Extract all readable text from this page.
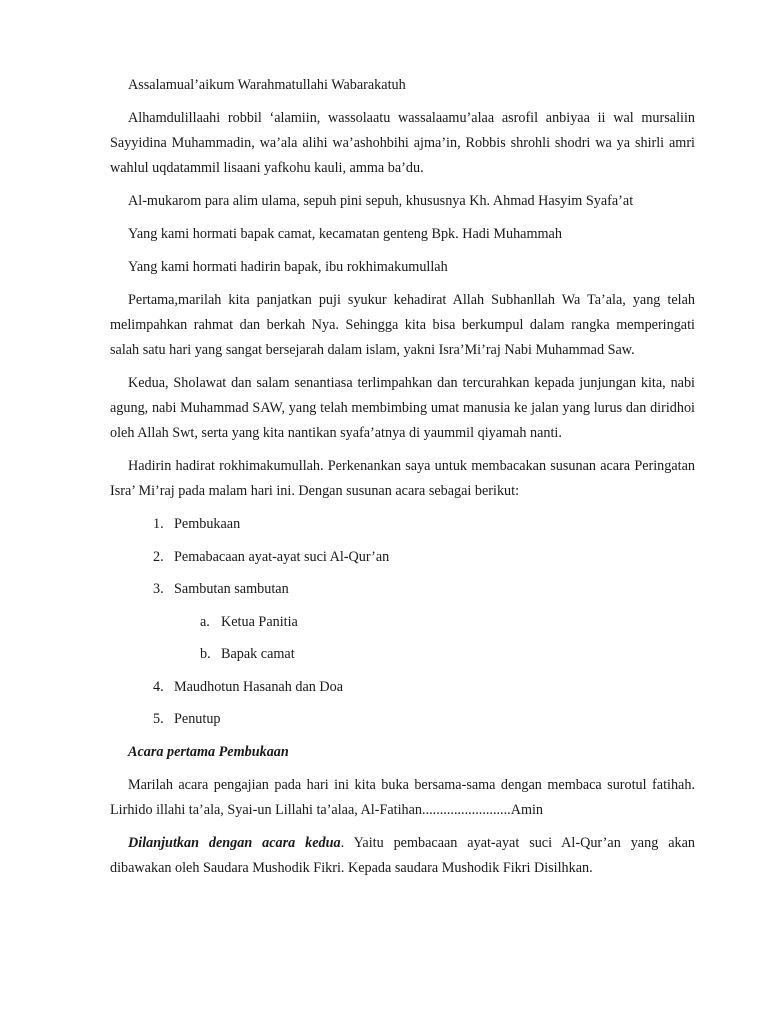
Assalamual’aikum Warahmatullahi Wabarakatuh

Alhamdulillaahi robbil ‘alamiin, wassolaatu wassalaamu’alaa asrofil anbiyaa ii wal mursaliin Sayyidina Muhammadin, wa’ala alihi wa’ashohbihi ajma’in, Robbis shrohli shodri wa ya shirli amri wahlul uqdatammil lisaani yafkohu kauli, amma ba’du.

Al-mukarom para alim ulama, sepuh pini sepuh, khususnya Kh. Ahmad Hasyim Syafa’at

Yang kami hormati bapak camat, kecamatan genteng Bpk. Hadi Muhammah

Yang kami hormati hadirin bapak, ibu rokhimakumullah

Pertama,marilah kita panjatkan puji syukur kehadirat Allah Subhanllah Wa Ta’ala, yang telah melimpahkan rahmat dan berkah Nya. Sehingga kita bisa berkumpul dalam rangka memperingati salah satu hari yang sangat bersejarah dalam islam, yakni Isra’Mi’raj Nabi Muhammad Saw.

Kedua, Sholawat dan salam senantiasa terlimpahkan dan tercurahkan kepada junjungan kita, nabi agung, nabi Muhammad SAW, yang telah membimbing umat manusia ke jalan yang lurus dan diridhoi oleh Allah Swt, serta yang kita nantikan syafa’atnya di yaummil qiyamah nanti.

Hadirin hadirat rokhimakumullah. Perkenankan saya untuk membacakan susunan acara Peringatan Isra’ Mi’raj pada malam hari ini. Dengan susunan acara sebagai berikut:

1. Pembukaan
2. Pemabacaan ayat-ayat suci Al-Qur’an
3. Sambutan sambutan
a. Ketua Panitia
b. Bapak camat
4. Maudhotun Hasanah dan Doa
5. Penutup

Acara pertama Pembukaan

Marilah acara pengajian pada hari ini kita buka bersama-sama dengan membaca surotul fatihah. Lirhido illahi ta’ala, Syai-un Lillahi ta’alaa, Al-Fatihan.........................Amin

Dilanjutkan dengan acara kedua. Yaitu pembacaan ayat-ayat suci Al-Qur’an yang akan dibawakan oleh Saudara Mushodik Fikri. Kepada saudara Mushodik Fikri Disilhkan.
